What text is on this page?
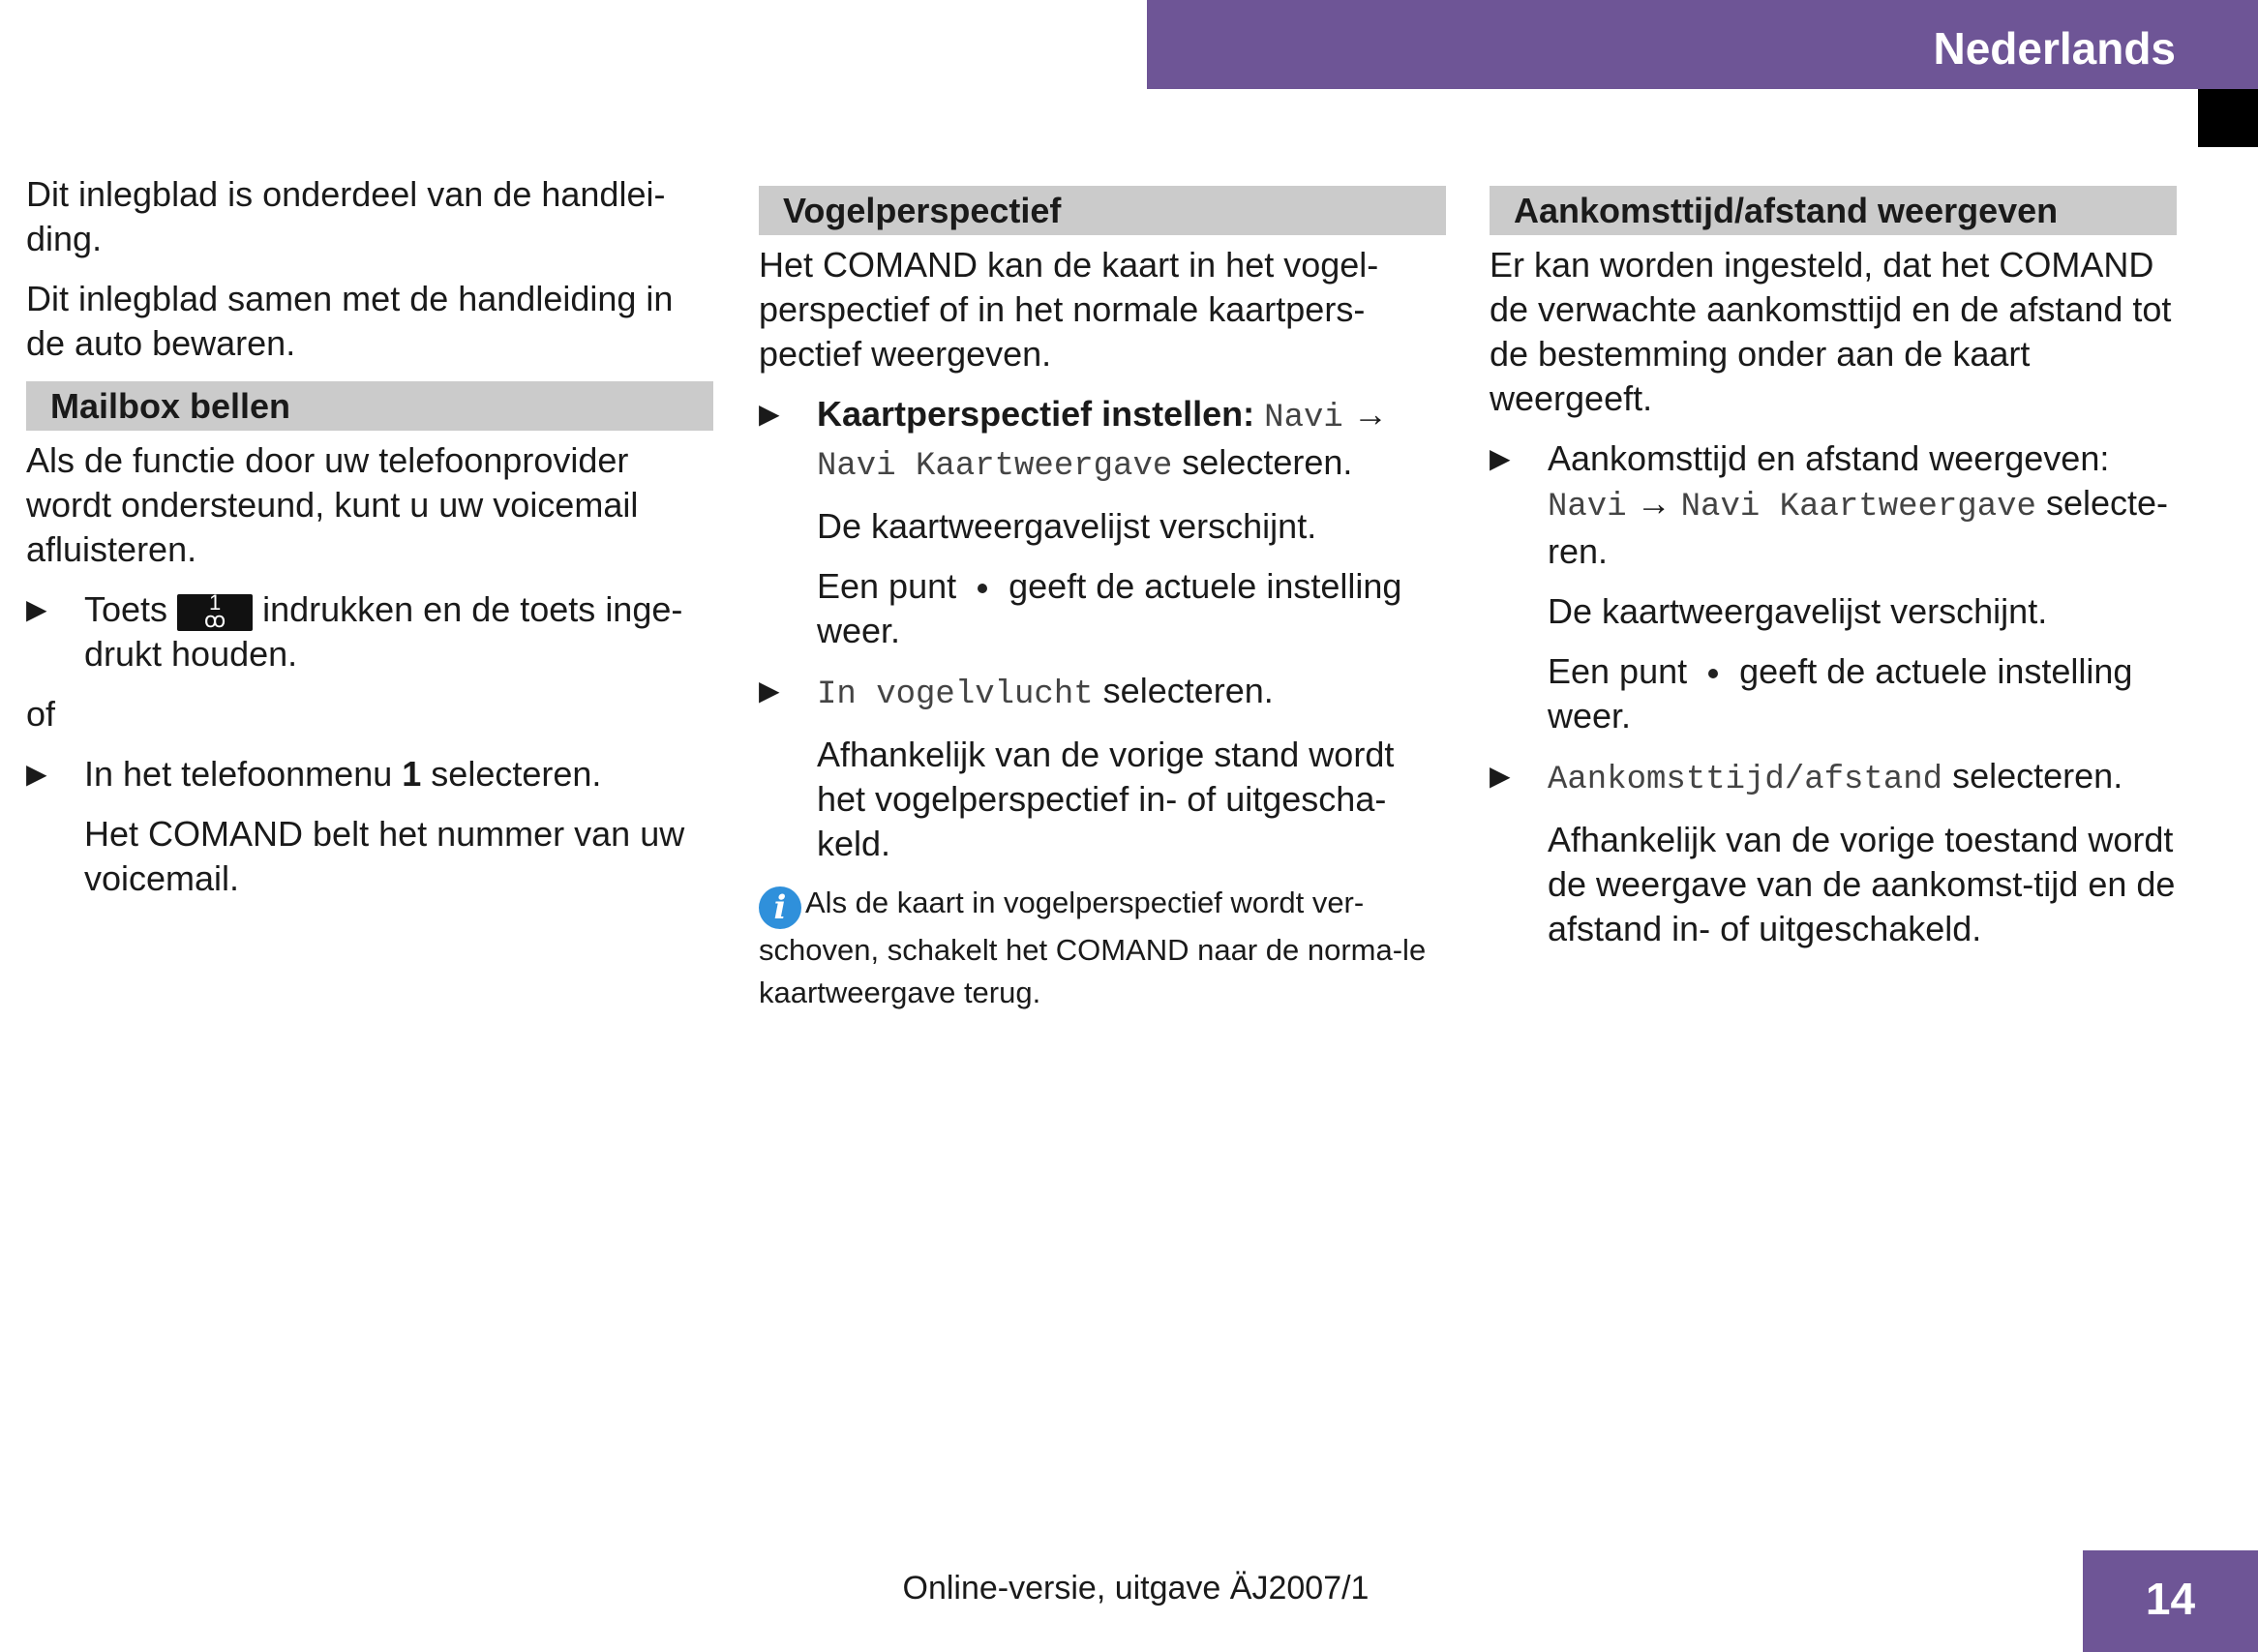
Nederlands

Dit inlegblad is onderdeel van de handlei-ding.

Dit inlegblad samen met de handleiding in de auto bewaren.

Mailbox bellen

Als de functie door uw telefoonprovider wordt ondersteund, kunt u uw voicemail afluisteren.

▶ Toets 1
ꝏ indrukken en de toets inge-drukt houden.

of

▶ In het telefoonmenu 1 selecteren.

Het COMAND belt het nummer van uw voicemail.

Vogelperspectief

Het COMAND kan de kaart in het vogel-perspectief of in het normale kaartpers-pectief weergeven.

▶ Kaartperspectief instellen: Navi → Navi Kaartweergave selecteren.

De kaartweergavelijst verschijnt.

Een punt geeft de actuele instelling weer.

▶ In vogelvlucht selecteren.

Afhankelijk van de vorige stand wordt het vogelperspectief in- of uitgescha-keld.

i Als de kaart in vogelperspectief wordt ver-schoven, schakelt het COMAND naar de norma-le kaartweergave terug.
Aankomsttijd/afstand weergeven

Er kan worden ingesteld, dat het COMAND de verwachte aankomsttijd en de afstand tot de bestemming onder aan de kaart weergeeft.

▶ Aankomsttijd en afstand weergeven: Navi → Navi Kaartweergave selecte-ren.

De kaartweergavelijst verschijnt.

Een punt geeft de actuele instelling weer.

▶ Aankomsttijd/afstand selecteren.

Afhankelijk van de vorige toestand wordt de weergave van de aankomst-tijd en de afstand in- of uitgeschakeld.

Online-versie, uitgave ÄJ2007/1	14
